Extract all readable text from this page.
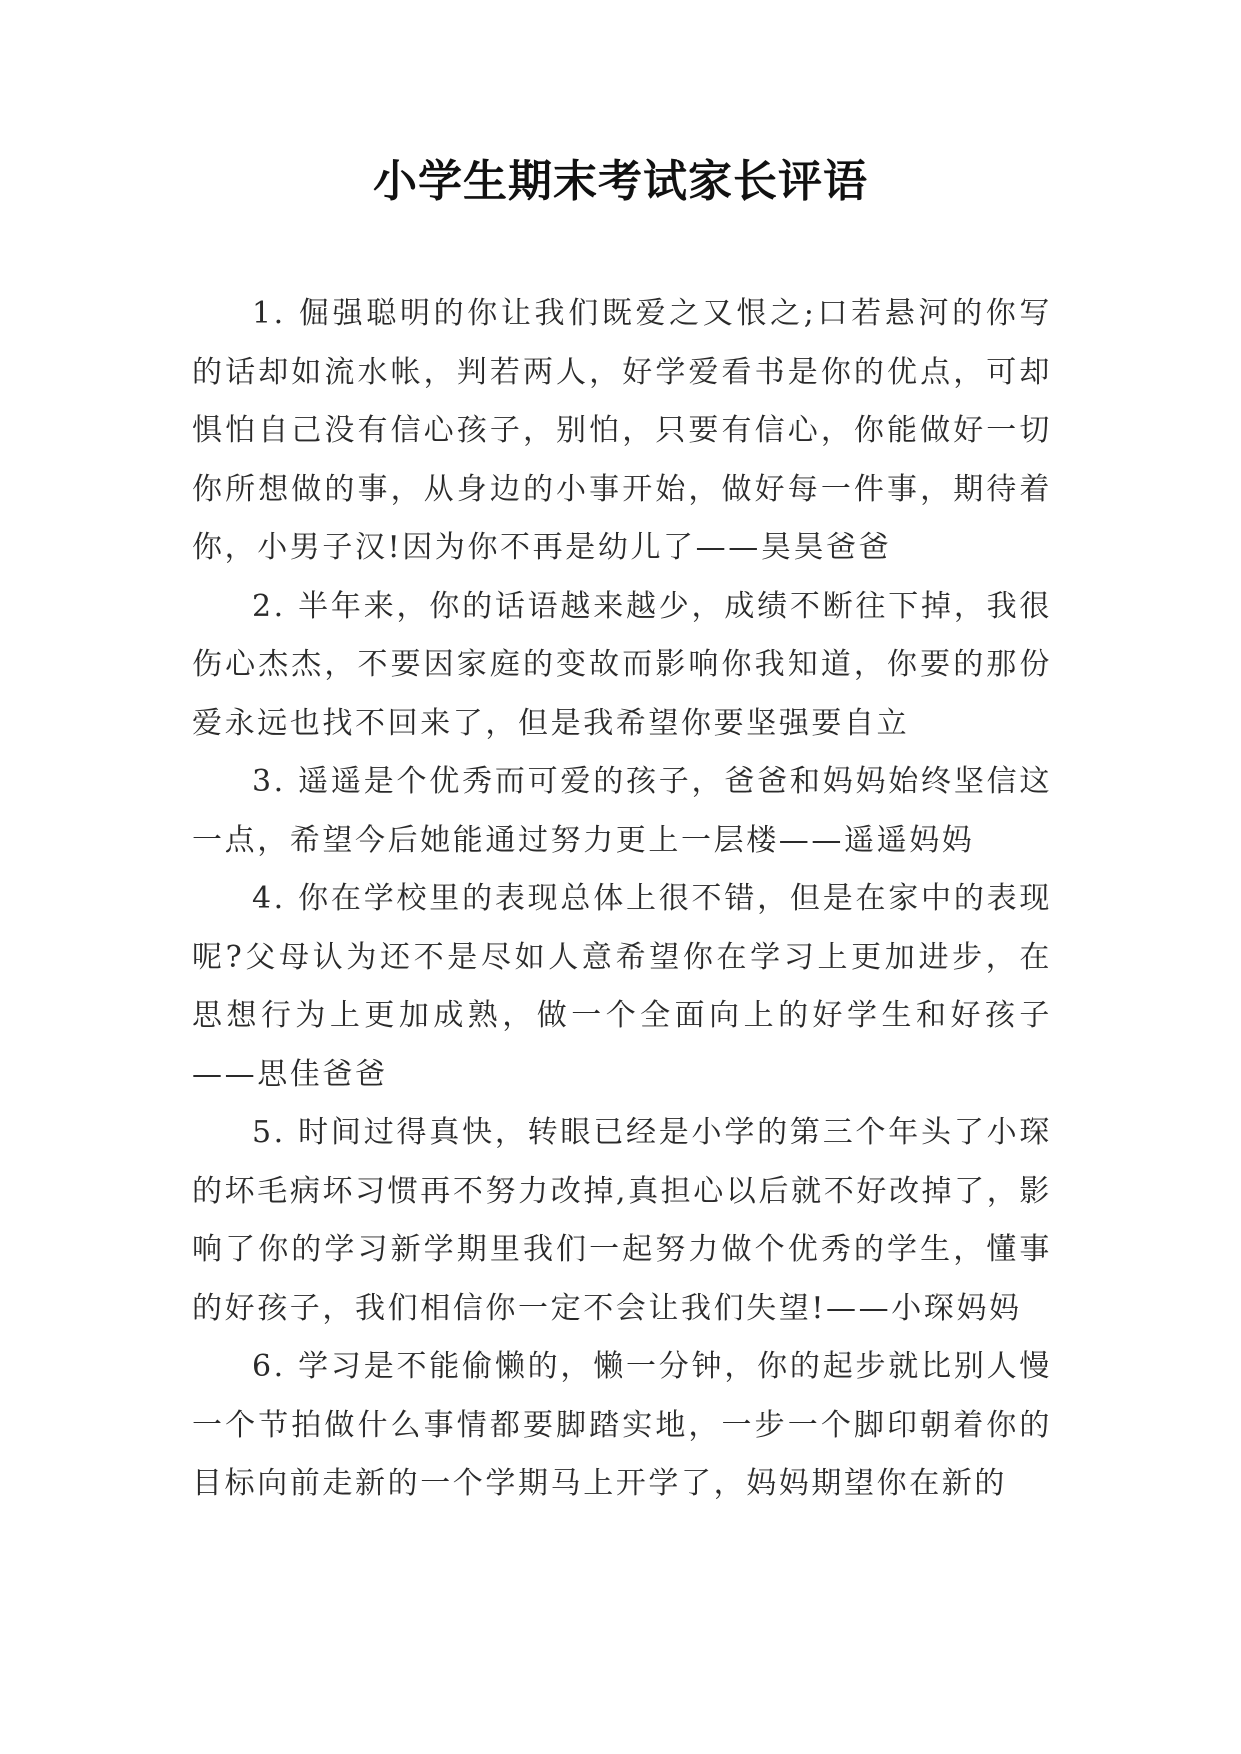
小学生期末考试家长评语

1. 倔强聪明的你让我们既爱之又恨之;口若悬河的你写的话却如流水帐，判若两人，好学爱看书是你的优点，可却惧怕自己没有信心孩子，别怕，只要有信心，你能做好一切你所想做的事，从身边的小事开始，做好每一件事，期待着你，小男子汉!因为你不再是幼儿了——昊昊爸爸

2. 半年来，你的话语越来越少，成绩不断往下掉，我很伤心杰杰，不要因家庭的变故而影响你我知道，你要的那份爱永远也找不回来了，但是我希望你要坚强要自立

3. 遥遥是个优秀而可爱的孩子，爸爸和妈妈始终坚信这一点，希望今后她能通过努力更上一层楼——遥遥妈妈

4. 你在学校里的表现总体上很不错，但是在家中的表现呢?父母认为还不是尽如人意希望你在学习上更加进步，在思想行为上更加成熟，做一个全面向上的好学生和好孩子——思佳爸爸

5. 时间过得真快，转眼已经是小学的第三个年头了小琛的坏毛病坏习惯再不努力改掉,真担心以后就不好改掉了，影响了你的学习新学期里我们一起努力做个优秀的学生，懂事的好孩子，我们相信你一定不会让我们失望!——小琛妈妈

6. 学习是不能偷懒的，懒一分钟，你的起步就比别人慢一个节拍做什么事情都要脚踏实地，一步一个脚印朝着你的目标向前走新的一个学期马上开学了，妈妈期望你在新的
